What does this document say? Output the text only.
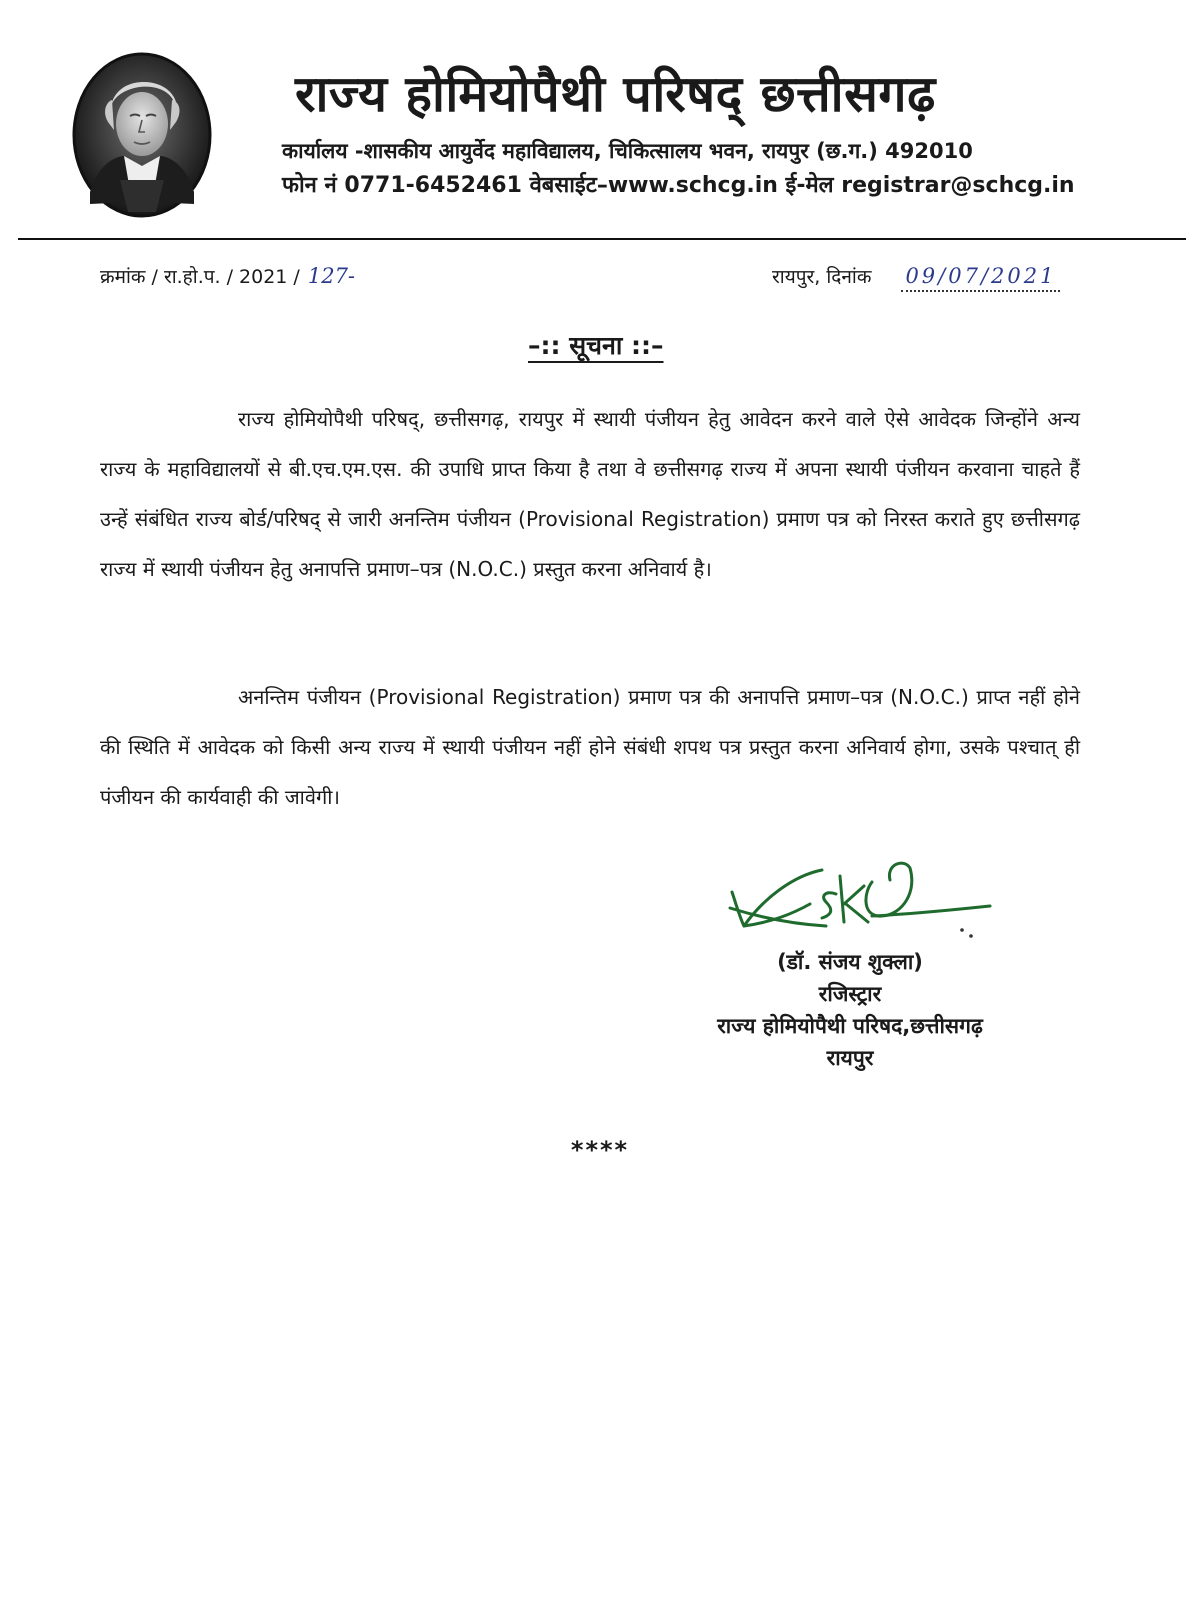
राज्य होमियोपैथी परिषद् छत्तीसगढ़
कार्यालय -शासकीय आयुर्वेद महाविद्यालय, चिकित्सालय भवन, रायपुर (छ.ग.) 492010
फोन नं 0771-6452461 वेबसाईट–www.schcg.in ई-मेल registrar@schcg.in
क्रमांक / रा.हो.प. / 2021 / 127-	रायपुर, दिनांक 09/07/2021
–:: सूचना ::–
राज्य होमियोपैथी परिषद्, छत्तीसगढ़, रायपुर में स्थायी पंजीयन हेतु आवेदन करने वाले ऐसे आवेदक जिन्होंने अन्य राज्य के महाविद्यालयों से बी.एच.एम.एस. की उपाधि प्राप्त किया है तथा वे छत्तीसगढ़ राज्य में अपना स्थायी पंजीयन करवाना चाहते हैं उन्हें संबंधित राज्य बोर्ड/परिषद् से जारी अनन्तिम पंजीयन (Provisional Registration) प्रमाण पत्र को निरस्त कराते हुए छत्तीसगढ़ राज्य में स्थायी पंजीयन हेतु अनापत्ति प्रमाण–पत्र (N.O.C.) प्रस्तुत करना अनिवार्य है।
अनन्तिम पंजीयन (Provisional Registration) प्रमाण पत्र की अनापत्ति प्रमाण–पत्र (N.O.C.) प्राप्त नहीं होने की स्थिति में आवेदक को किसी अन्य राज्य में स्थायी पंजीयन नहीं होने संबंधी शपथ पत्र प्रस्तुत करना अनिवार्य होगा, उसके पश्चात् ही पंजीयन की कार्यवाही की जावेगी।
(डॉ. संजय शुक्ला)
रजिस्ट्रार
राज्य होमियोपैथी परिषद,छत्तीसगढ़
रायपुर
****
